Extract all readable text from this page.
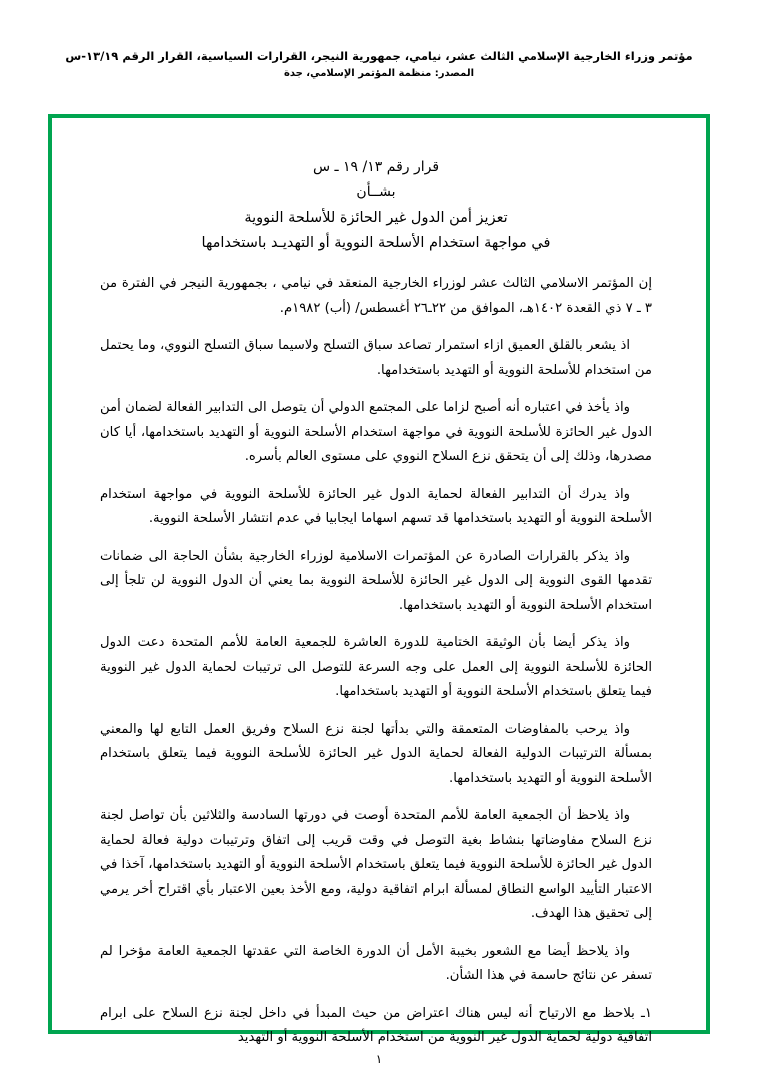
مؤتمر وزراء الخارجية الإسلامي الثالث عشر، نيامي، جمهورية النيجر، القرارات السياسية، القرار الرقم ١٣/١٩-س
المصدر: منظمة المؤتمر الإسلامي، جدة
قرار رقم ١٣/ ١٩ ـ س
بشــأن
تعزيز أمن الدول غير الحائزة للأسلحة النووية
في مواجهة استخدام الأسلحة النووية أو التهديـد باستخدامها

إن المؤتمر الاسلامي الثالث عشر لوزراء الخارجية المنعقد في نيامي ، بجمهورية النيجر في الفترة من ٣ ـ ٧ ذي القعدة ١٤٠٢هـ، الموافق من ٢٢ـ٢٦ أغسطس/ (أب) ١٩٨٢م.

اذ يشعر بالقلق العميق ازاء استمرار تصاعد سباق التسلح ولاسيما سباق التسلح النووي، وما يحتمل من استخدام للأسلحة النووية أو التهديد باستخدامها.

واذ يأخذ في اعتباره أنه أصبح لزاما على المجتمع الدولي أن يتوصل الى التدابير الفعالة لضمان أمن الدول غير الحائزة للأسلحة النووية في مواجهة استخدام الأسلحة النووية أو التهديد باستخدامها، أيا كان مصدرها، وذلك إلى أن يتحقق نزع السلاح النووي على مستوى العالم بأسره.

واذ يدرك أن التدابير الفعالة لحماية الدول غير الحائزة للأسلحة النووية في مواجهة استخدام الأسلحة النووية أو التهديد باستخدامها قد تسهم اسهاما ايجابيا في عدم انتشار الأسلحة النووية.

واذ يذكر بالقرارات الصادرة عن المؤتمرات الاسلامية لوزراء الخارجية بشأن الحاجة الى ضمانات تقدمها القوى النووية إلى الدول غير الحائزة للأسلحة النووية بما يعني أن الدول النووية لن تلجأ إلى استخدام الأسلحة النووية أو التهديد باستخدامها.

واذ يذكر أيضا بأن الوثيقة الختامية للدورة العاشرة للجمعية العامة للأمم المتحدة دعت الدول الحائزة للأسلحة النووية إلى العمل على وجه السرعة للتوصل الى ترتيبات لحماية الدول غير النووية فيما يتعلق باستخدام الأسلحة النووية أو التهديد باستخدامها.

واذ يرحب بالمفاوضات المتعمقة والتي بدأتها لجنة نزع السلاح وفريق العمل التابع لها والمعني بمسألة الترتيبات الدولية الفعالة لحماية الدول غير الحائزة للأسلحة النووية فيما يتعلق باستخدام الأسلحة النووية أو التهديد باستخدامها.

واذ يلاحظ أن الجمعية العامة للأمم المتحدة أوصت في دورتها السادسة والثلاثين بأن تواصل لجنة نزع السلاح مفاوضاتها بنشاط بغية التوصل في وقت قريب إلى اتفاق وترتيبات دولية فعالة لحماية الدول غير الحائزة للأسلحة النووية فيما يتعلق باستخدام الأسلحة النووية أو التهديد باستخدامها، آخذا في الاعتبار التأييد الواسع النطاق لمسألة ابرام اتفاقية دولية، ومع الأخذ بعين الاعتبار بأي اقتراح أخر يرمي إلى تحقيق هذا الهدف.

واذ يلاحظ أيضا مع الشعور بخيبة الأمل أن الدورة الخاصة التي عقدتها الجمعية العامة مؤخرا لم تسفر عن نتائج حاسمة في هذا الشأن.

١ـ بلاحظ مع الارتياح أنه ليس هناك اعتراض من حيث المبدأ في داخل لجنة نزع السلاح على ابرام اتفاقية دولية لحماية الدول غير النووية من استخدام الأسلحة النووية أو التهديد
١
